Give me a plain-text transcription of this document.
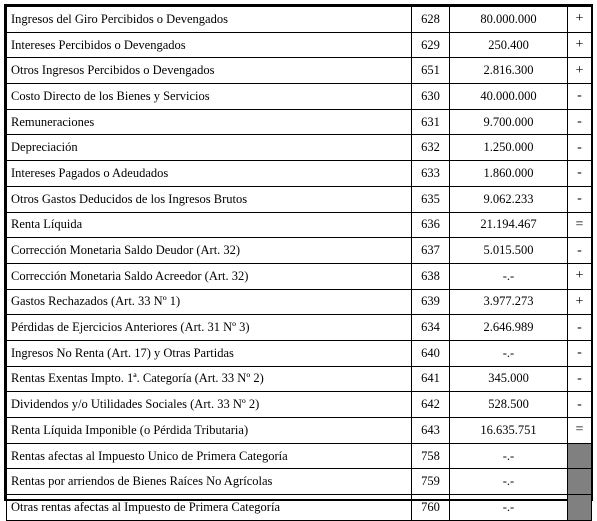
Ingresos del Giro Percibidos o Devengados	628	80.000.000	+
Intereses Percibidos o Devengados	629	250.400	+
Otros Ingresos Percibidos o Devengados	651	2.816.300	+
Costo Directo de los Bienes y Servicios	630	40.000.000	-
Remuneraciones	631	9.700.000	-
Depreciación	632	1.250.000	-
Intereses Pagados o Adeudados	633	1.860.000	-
Otros Gastos Deducidos de los Ingresos Brutos	635	9.062.233	-
Renta Líquida	636	21.194.467	=
Corrección Monetaria Saldo Deudor (Art. 32)	637	5.015.500	-
Corrección Monetaria Saldo Acreedor (Art. 32)	638	-.-	+
Gastos Rechazados (Art. 33 Nº 1)	639	3.977.273	+
Pérdidas de Ejercicios Anteriores (Art. 31 Nº 3)	634	2.646.989	-
Ingresos No Renta (Art. 17) y Otras Partidas	640	-.-	-
Rentas Exentas Impto. 1ª. Categoría (Art. 33 Nº 2)	641	345.000	-
Dividendos y/o Utilidades Sociales (Art. 33 Nº 2)	642	528.500	-
Renta Líquida Imponible (o Pérdida Tributaria)	643	16.635.751	=
Rentas afectas al Impuesto Unico de Primera Categoría	758	-.-	
Rentas por arriendos de Bienes Raíces No Agrícolas	759	-.-	
Otras rentas afectas al Impuesto de Primera Categoría	760	-.-	
